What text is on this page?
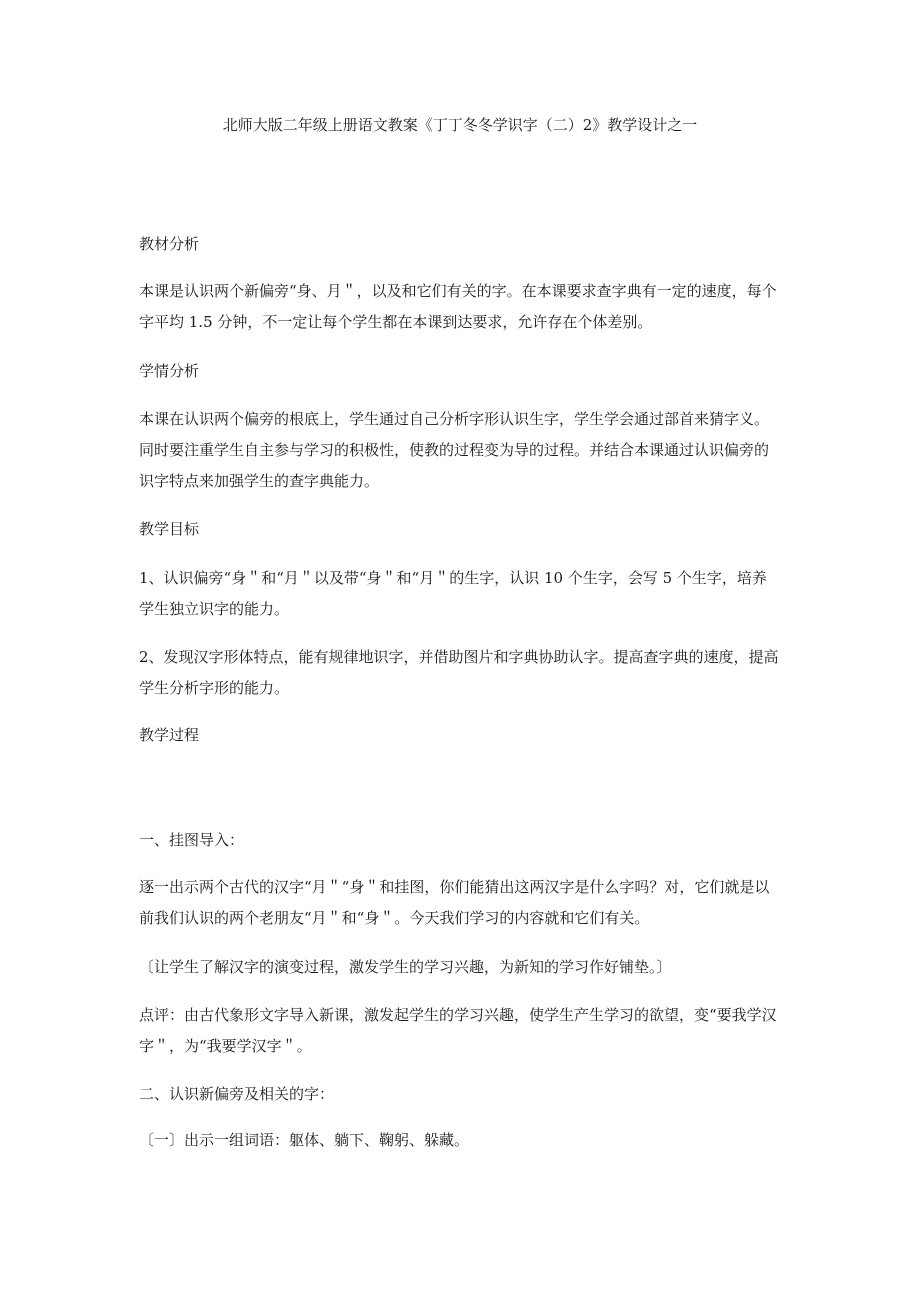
北师大版二年级上册语文教案《丁丁冬冬学识字（二）2》教学设计之一

教材分析

本课是认识两个新偏旁“身、月＂，以及和它们有关的字。在本课要求查字典有一定的速度，每个字平均 1.5 分钟，不一定让每个学生都在本课到达要求，允许存在个体差别。

学情分析

本课在认识两个偏旁的根底上，学生通过自己分析字形认识生字，学生学会通过部首来猜字义。同时要注重学生自主参与学习的积极性，使教的过程变为导的过程。并结合本课通过认识偏旁的识字特点来加强学生的查字典能力。

教学目标

1、认识偏旁“身＂和“月＂以及带“身＂和“月＂的生字，认识 10 个生字，会写 5 个生字，培养学生独立识字的能力。

2、发现汉字形体特点，能有规律地识字，并借助图片和字典协助认字。提高查字典的速度，提高学生分析字形的能力。

教学过程

一、挂图导入：

逐一出示两个古代的汉字“月＂“身＂和挂图，你们能猜出这两汉字是什么字吗？对，它们就是以前我们认识的两个老朋友“月＂和“身＂。今天我们学习的内容就和它们有关。

〔让学生了解汉字的演变过程，激发学生的学习兴趣，为新知的学习作好铺垫。〕

点评：由古代象形文字导入新课，激发起学生的学习兴趣，使学生产生学习的欲望，变“要我学汉字＂，为“我要学汉字＂。

二、认识新偏旁及相关的字：

〔一〕出示一组词语：躯体、躺下、鞠躬、躲藏。
